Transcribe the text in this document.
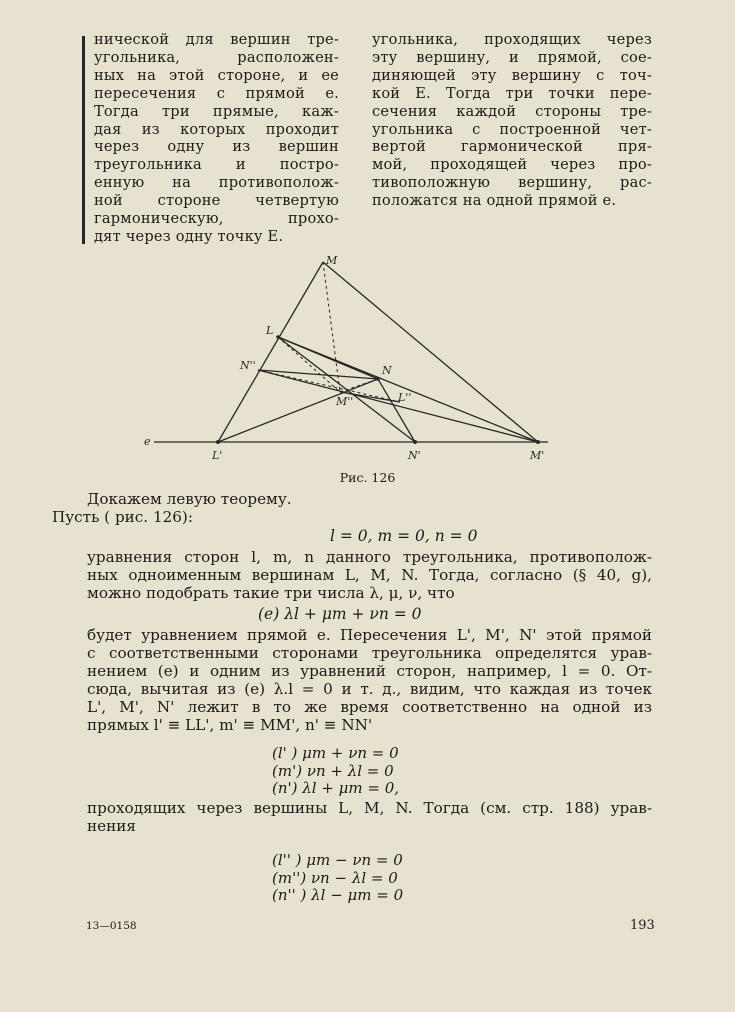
нической для вершин тре-
угольника, расположен-
ных на этой стороне, и ее
пересечения с прямой е.
Тогда три прямые, каж-
дая из которых проходит
через одну из вершин
треугольника и постро-
енную на противополож-
ной стороне четвертую
гармоническую, прохо-
дят через одну точку E.
угольника, проходящих через
эту вершину, и прямой, сое-
диняющей эту вершину с точ-
кой E. Тогда три точки пере-
сечения каждой стороны тре-
угольника с построенной чет-
вертой гармонической пря-
мой, проходящей через про-
тивоположную вершину, рас-
положатся на одной прямой е.
M
L
N
N''
L''
M''
e
L'	N'	M'
Рис. 126
Докажем левую теорему.
Пусть ( рис. 126):
l = 0, m = 0, n = 0
уравнения сторон l, m, n данного треугольника, противополож-
ных одноименным вершинам L, M, N. Тогда, согласно (§ 40, g),
можно подобрать такие три числа λ, μ, ν, что
(e) λl + μm + νn = 0
будет уравнением прямой е. Пересечения L', M', N' этой прямой
с соответственными сторонами треугольника определятся урав-
нением (е) и одним из уравнений сторон, например, l = 0. От-
сюда, вычитая из (е) λ.l = 0 и т. д., видим, что каждая из точек
L', M', N' лежит в то же время соответственно на одной из
прямых l' ≡ LL', m' ≡ MM', n' ≡ NN'
(l' ) μm + νn = 0
(m') νn + λl = 0
(n') λl + μm = 0,
проходящих через вершины L, M, N. Тогда (см. стр. 188) урав-
нения
(l'' ) μm − νn = 0
(m'') νn − λl = 0
(n'' ) λl − μm = 0
13—0158	193
